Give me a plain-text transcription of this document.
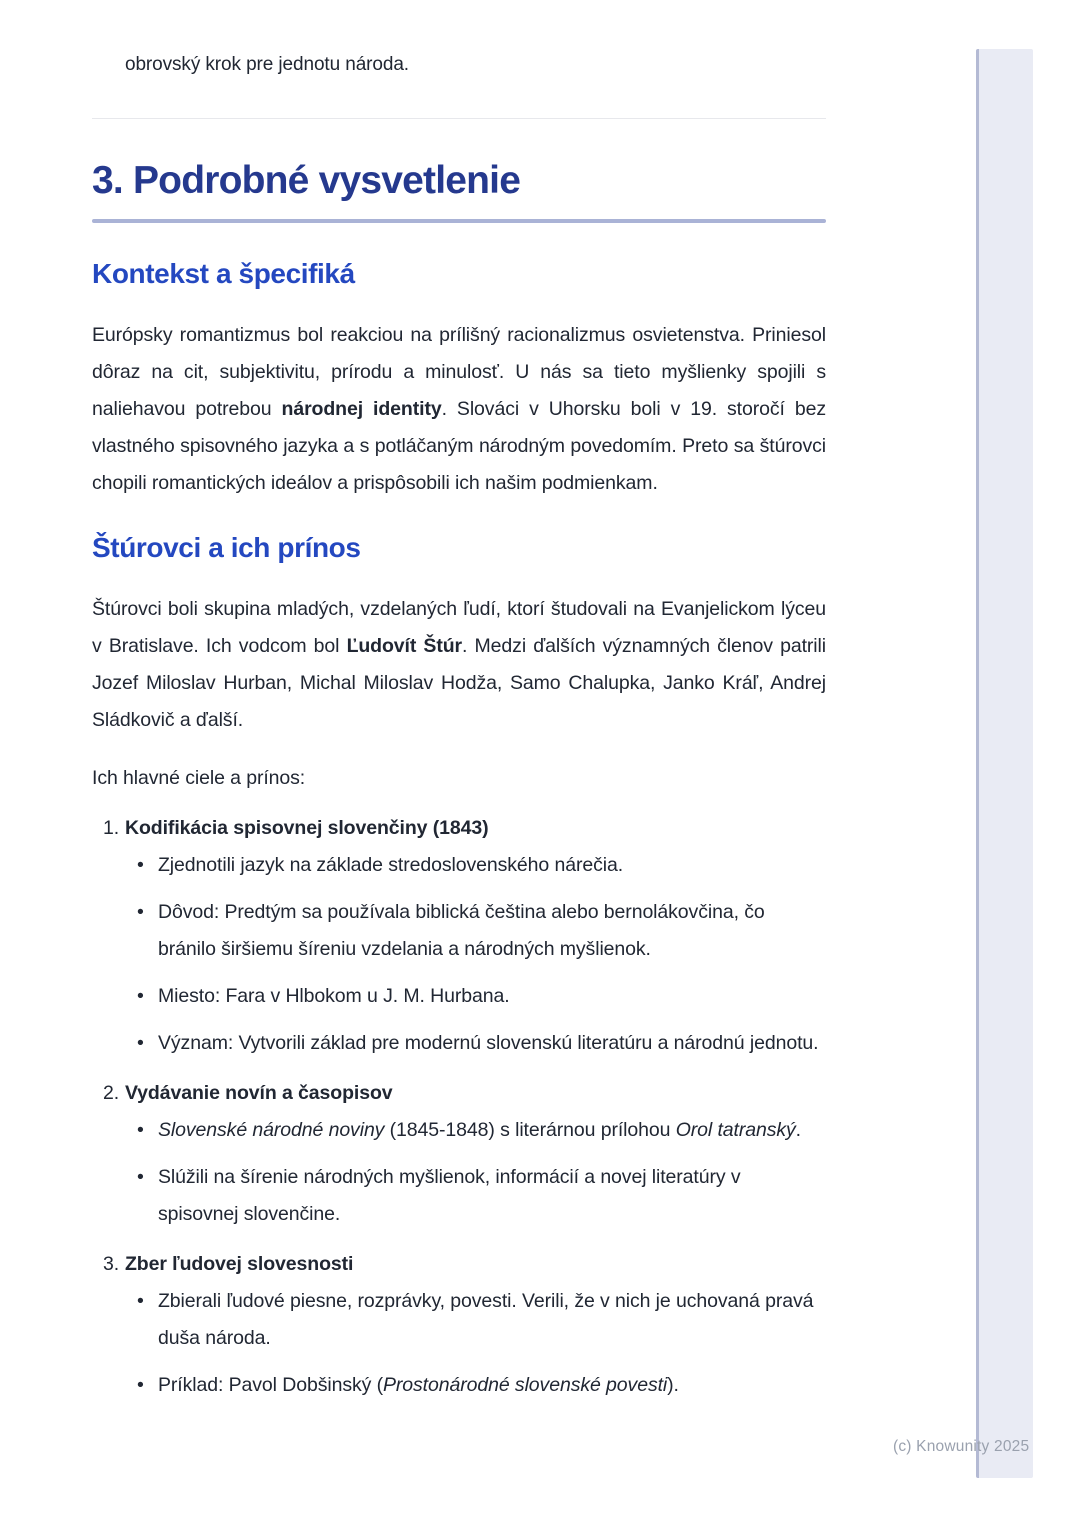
obrovský krok pre jednotu národa.

3. Podrobné vysvetlenie
Kontekst a špecifiká

Európsky romantizmus bol reakciou na prílišný racionalizmus osvietenstva. Priniesol dôraz na cit, subjektivitu, prírodu a minulosť. U nás sa tieto myšlienky spojili s naliehavou potrebou národnej identity. Slováci v Uhorsku boli v 19. storočí bez vlastného spisovného jazyka a s potláčaným národným povedomím. Preto sa štúrovci chopili romantických ideálov a prispôsobili ich našim podmienkam.

Štúrovci a ich prínos

Štúrovci boli skupina mladých, vzdelaných ľudí, ktorí študovali na Evanjelickom lýceu v Bratislave. Ich vodcom bol Ľudovít Štúr. Medzi ďalších významných členov patrili Jozef Miloslav Hurban, Michal Miloslav Hodža, Samo Chalupka, Janko Kráľ, Andrej Sládkovič a ďalší.

Ich hlavné ciele a prínos:

1. Kodifikácia spisovnej slovenčiny (1843)
• Zjednotili jazyk na základe stredoslovenského nárečia.
• Dôvod: Predtým sa používala biblická čeština alebo bernolákovčina, čo bránilo širšiemu šíreniu vzdelania a národných myšlienok.
• Miesto: Fara v Hlbokom u J. M. Hurbana.
• Význam: Vytvorili základ pre modernú slovenskú literatúru a národnú jednotu.
2. Vydávanie novín a časopisov
• Slovenské národné noviny (1845-1848) s literárnou prílohou Orol tatranský.
• Slúžili na šírenie národných myšlienok, informácií a novej literatúry v spisovnej slovenčine.
3. Zber ľudovej slovesnosti
• Zbierali ľudové piesne, rozprávky, povesti. Verili, že v nich je uchovaná pravá duša národa.
• Príklad: Pavol Dobšinský (Prostonárodné slovenské povesti).
(c) Knowunity 2025
